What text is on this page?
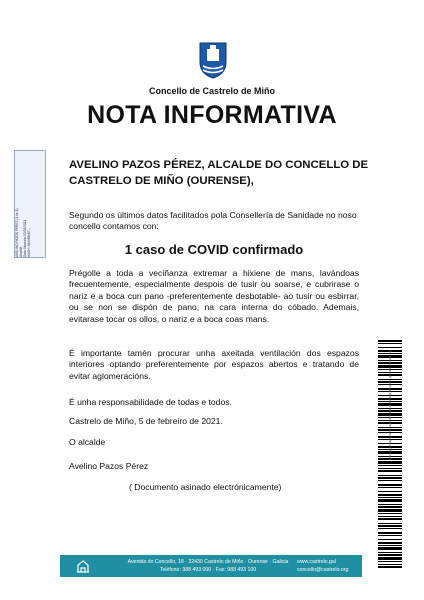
AVELINO PAZOS PEREZ (1 de 1) Alcalde Data Sinatura: 05/02/2021 HASH: 5d19f0fe67...
Concello de Castrelo de Miño
NOTA INFORMATIVA
AVELINO PAZOS PÉREZ, ALCALDE DO CONCELLO DE
CASTRELO DE MIÑO (OURENSE),
Segundo os últimos datos facilitados pola Consellería de Sanidade no noso concello contamos con:
1 caso de COVID confirmado
Prégolle a toda a veciñanza extremar a hixiene de mans, lavándoas frecuentemente, especialmente despois de tusir ou soarse, e cubrirase o nariz e a boca cun pano -preferentemente desbotable- ao tusir ou esbirrar, ou se non se dispón de pano, na cara interna do cóbado. Ademais, evitarase tocar os ollos, o nariz e a boca coas mans.
É importante tamén procurar unha axeitada ventilación dos espazos interiores optando preferentemente por espazos abertos e tratando de evitar aglomeracións.
É unha responsabilidade de todas e todos.
Castrelo de Miño, 5 de febreiro de 2021.
O alcalde
Avelino Pazos Pérez
( Documento asinado electrónicamente)
Documento asinado electrónicamente desde a plataforma esPublico Gestiona
Avenida do Concello, 18 · 32430 Castrelo de Miño · Ourense · Galicia
Teléfono: 988 493 000 · Fax: 988 493 100
www.castrelo.gal
concello@castrelo.org
